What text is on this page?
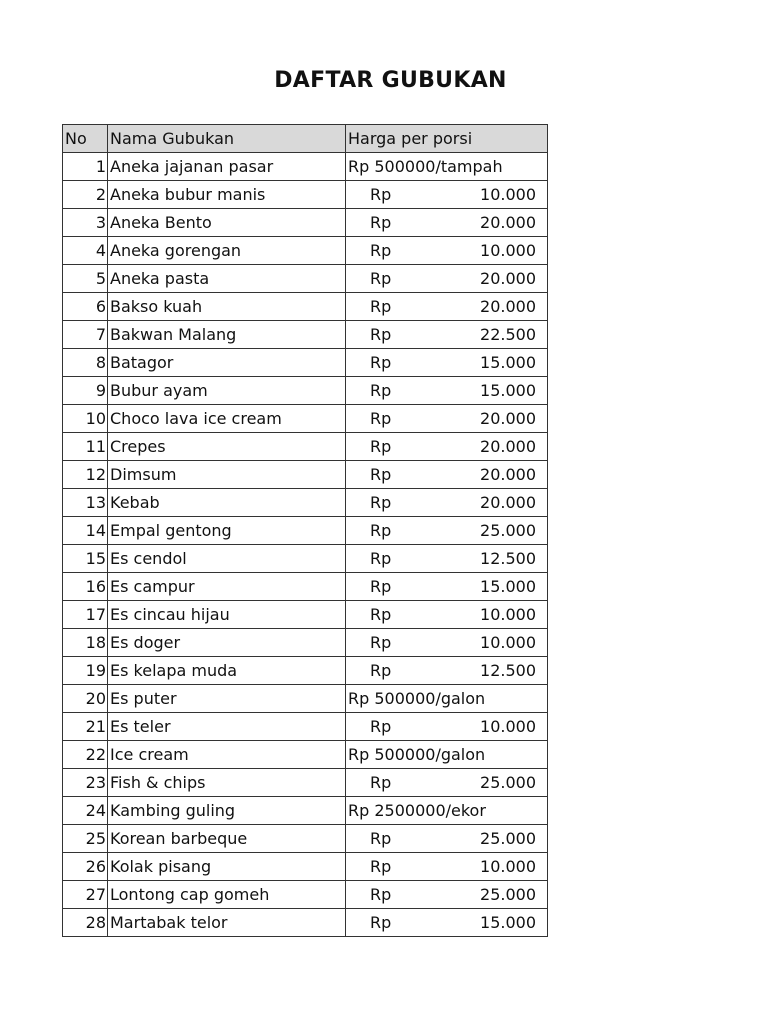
DAFTAR GUBUKAN
No	Nama Gubukan	Harga per porsi
1	Aneka jajanan pasar	Rp 500000/tampah
2	Aneka bubur manis	Rp 10.000
3	Aneka Bento	Rp 20.000
4	Aneka gorengan	Rp 10.000
5	Aneka pasta	Rp 20.000
6	Bakso kuah	Rp 20.000
7	Bakwan Malang	Rp 22.500
8	Batagor	Rp 15.000
9	Bubur ayam	Rp 15.000
10	Choco lava ice cream	Rp 20.000
11	Crepes	Rp 20.000
12	Dimsum	Rp 20.000
13	Kebab	Rp 20.000
14	Empal gentong	Rp 25.000
15	Es cendol	Rp 12.500
16	Es campur	Rp 15.000
17	Es cincau hijau	Rp 10.000
18	Es doger	Rp 10.000
19	Es kelapa muda	Rp 12.500
20	Es puter	Rp 500000/galon
21	Es teler	Rp 10.000
22	Ice cream	Rp 500000/galon
23	Fish & chips	Rp 25.000
24	Kambing guling	Rp 2500000/ekor
25	Korean barbeque	Rp 25.000
26	Kolak pisang	Rp 10.000
27	Lontong cap gomeh	Rp 25.000
28	Martabak telor	Rp 15.000
